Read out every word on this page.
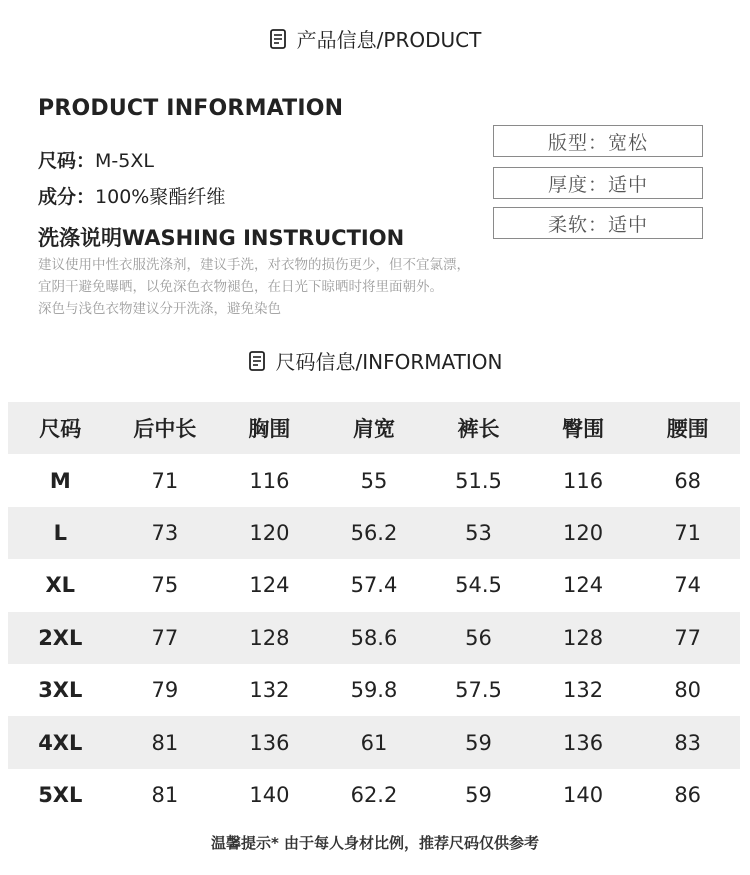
产品信息/PRODUCT
PRODUCT INFORMATION
尺码：M-5XL
成分：100%聚酯纤维
版型：宽松
厚度：适中
柔软：适中
洗涤说明WASHING INSTRUCTION
建议使用中性衣服洗涤剂，建议手洗，对衣物的损伤更少，但不宜氯漂，
宜阴干避免曝晒，以免深色衣物褪色，在日光下晾晒时将里面朝外。
深色与浅色衣物建议分开洗涤，避免染色
尺码信息/INFORMATION
尺码	后中长	胸围	肩宽	裤长	臀围	腰围
M	71	116	55	51.5	116	68
L	73	120	56.2	53	120	71
XL	75	124	57.4	54.5	124	74
2XL	77	128	58.6	56	128	77
3XL	79	132	59.8	57.5	132	80
4XL	81	136	61	59	136	83
5XL	81	140	62.2	59	140	86
温馨提示* 由于每人身材比例，推荐尺码仅供参考
